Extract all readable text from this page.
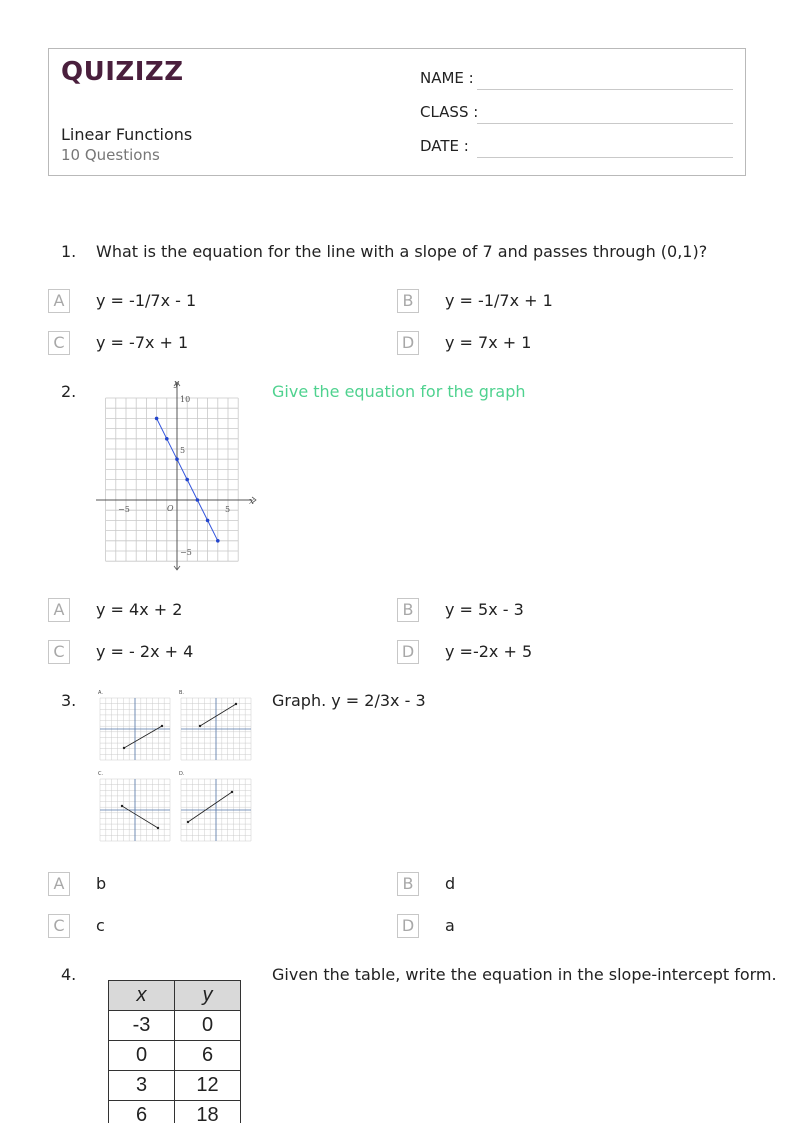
QUIZIZZ
Linear Functions
10 Questions
NAME :
CLASS :
DATE :
1. What is the equation for the line with a slope of 7 and passes through (0,1)?
A	y = -1/7x - 1	B	y = -1/7x + 1
C	y = -7x + 1	D	y = 7x + 1
2.	Give the equation for the graph
y
x
10
5
−5	O	5
−5
A	y = 4x + 2	B	y = 5x - 3
C	y = - 2x + 4	D	y =-2x + 5
3.	Graph. y = 2/3x - 3
A.	B.
C.	D.
A	b	B	d
C	c	D	a
4.	Given the table, write the equation in the slope-intercept form.
x	y
-3	0
0	6
3	12
6	18
